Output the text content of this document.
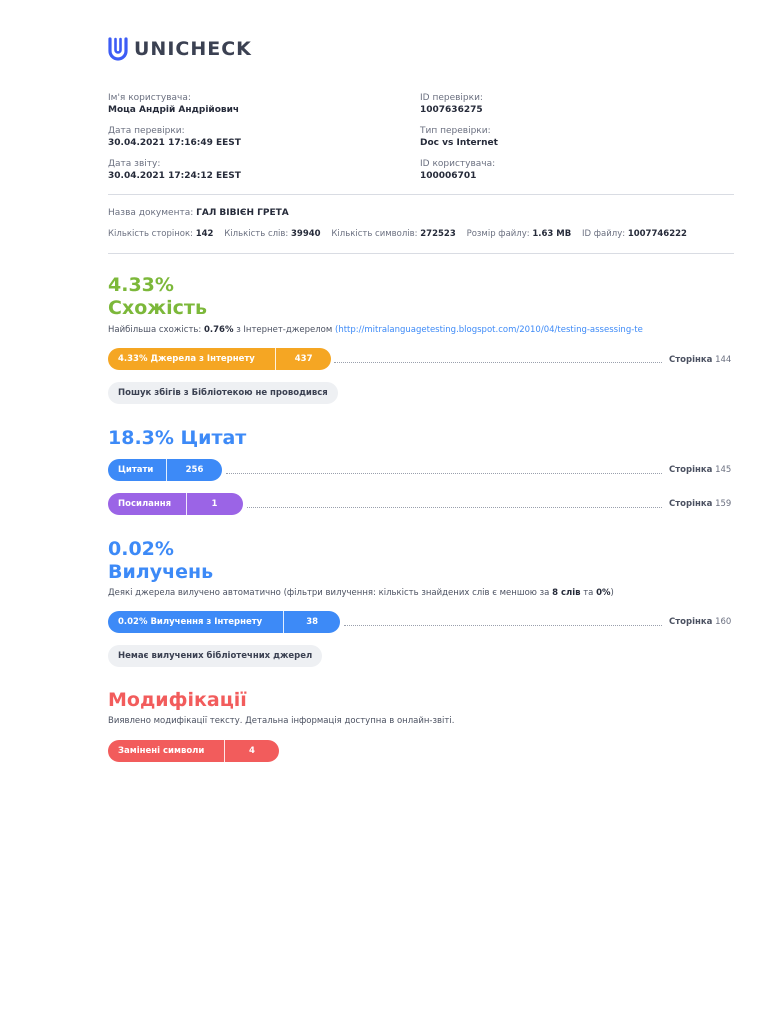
UNICHECK
Ім'я користувача:
Моца Андрій Андрійович
Дата перевірки:
30.04.2021 17:16:49 EEST
Дата звіту:
30.04.2021 17:24:12 EEST
ID перевірки:
1007636275
Тип перевірки:
Doc vs Internet
ID користувача:
100006701
Назва документа: ГАЛ ВІВІЄН ГРЕТА
Кількість сторінок: 142 Кількість слів: 39940 Кількість символів: 272523 Розмір файлу: 1.63 MB ID файлу: 1007746222
4.33%
Схожість
Найбільша схожість: 0.76% з Інтернет-джерелом (http://mitralanguagetesting.blogspot.com/2010/04/testing-assessing-te
4.33% Джерела з Інтернету	437	Сторінка 144
Пошук збігів з Бібліотекою не проводився
18.3% Цитат
Цитати	256	Сторінка 145
Посилання	1	Сторінка 159
0.02%
Вилучень
Деякі джерела вилучено автоматично (фільтри вилучення: кількість знайдених слів є меншою за 8 слів та 0%)
0.02% Вилучення з Інтернету	38	Сторінка 160
Немає вилучених бібліотечних джерел
Модифікації
Виявлено модифікації тексту. Детальна інформація доступна в онлайн-звіті.
Замінені символи	4
